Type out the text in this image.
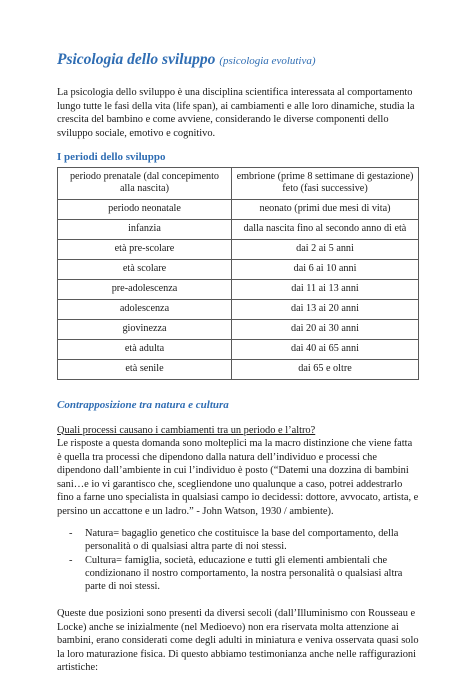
Psicologia dello sviluppo (psicologia evolutiva)

La psicologia dello sviluppo è una disciplina scientifica interessata al comportamento lungo tutte le fasi della vita (life span), ai cambiamenti e alle loro dinamiche, studia la crescita del bambino e come avviene, considerando le diverse componenti dello sviluppo sociale, emotivo e cognitivo.

I periodi dello sviluppo
periodo prenatale (dal concepimento alla nascita)	embrione (prime 8 settimane di gestazione)
feto (fasi successive)
periodo neonatale	neonato (primi due mesi di vita)
infanzia	dalla nascita fino al secondo anno di età
età pre-scolare	dai 2 ai 5 anni
età scolare	dai 6 ai 10 anni
pre-adolescenza	dai 11 ai 13 anni
adolescenza	dai 13 ai 20 anni
giovinezza	dai 20 ai 30 anni
età adulta	dai 40 ai 65 anni
età senile	dai 65 e oltre
Contrapposizione tra natura e cultura

Quali processi causano i cambiamenti tra un periodo e l’altro?

Le risposte a questa domanda sono molteplici ma la macro distinzione che viene fatta è quella tra processi che dipendono dalla natura dell’individuo e processi che dipendono dall’ambiente in cui l’individuo è posto (“Datemi una dozzina di bambini sani…e io vi garantisco che, scegliendone uno qualunque a caso, potrei addestrarlo fino a farne uno specialista in qualsiasi campo io decidessi: dottore, avvocato, artista, e persino un accattone e un ladro.” - John Watson, 1930 / ambiente).

- Natura= bagaglio genetico che costituisce la base del comportamento, della personalità o di qualsiasi altra parte di noi stessi.
- Cultura= famiglia, società, educazione e tutti gli elementi ambientali che condizionano il nostro comportamento, la nostra personalità o qualsiasi altra parte di noi stessi.

Queste due posizioni sono presenti da diversi secoli (dall’Illuminismo con Rousseau e Locke) anche se inizialmente (nel Medioevo) non era riservata molta attenzione ai bambini, erano considerati come degli adulti in miniatura e veniva osservata quasi solo la loro maturazione fisica. Di questo abbiamo testimonianza anche nelle raffigurazioni artistiche:
